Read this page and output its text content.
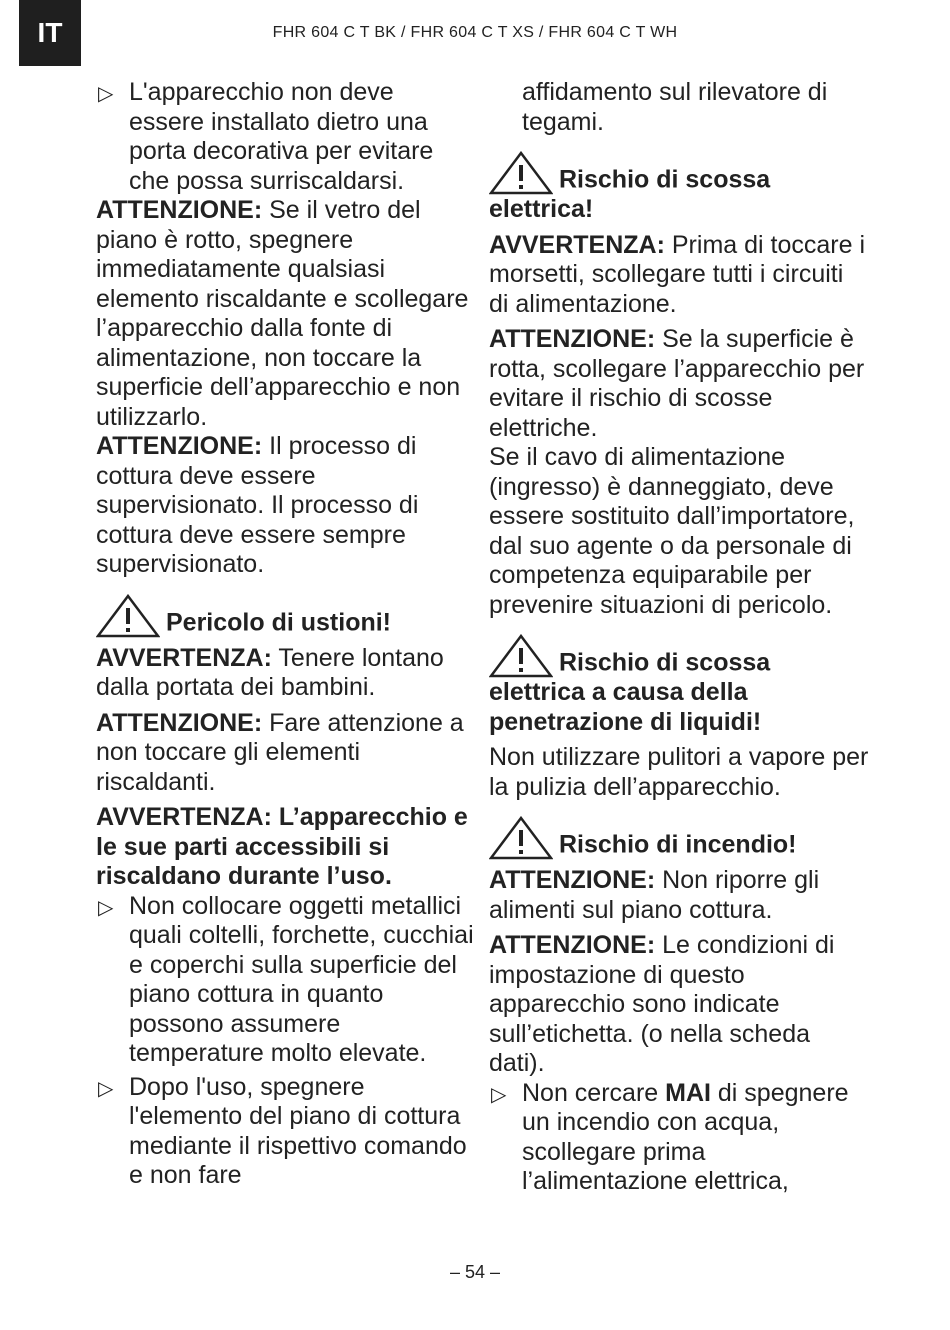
IT	FHR 604 C T BK / FHR 604 C T XS / FHR 604 C T WH

▷ L'apparecchio non deve essere installato dietro una porta decorativa per evitare che possa surriscaldarsi.

ATTENZIONE: Se il vetro del piano è rotto, spegnere immediatamente qualsiasi elemento riscaldante e scollegare l’apparecchio dalla fonte di alimentazione, non toccare la superficie dell’apparecchio e non utilizzarlo.

ATTENZIONE: Il processo di cottura deve essere supervisionato. Il processo di cottura deve essere sempre supervisionato.

Pericolo di ustioni!

AVVERTENZA: Tenere lontano dalla portata dei bambini.

ATTENZIONE: Fare attenzione a non toccare gli elementi riscaldanti.

AVVERTENZA: L’apparecchio e le sue parti accessibili si riscaldano durante l’uso.

▷ Non collocare oggetti metallici quali coltelli, forchette, cucchiai e coperchi sulla superficie del piano cottura in quanto possono assumere temperature molto elevate.

▷ Dopo l'uso, spegnere l'elemento del piano di cottura mediante il rispettivo comando e non fare

affidamento sul rilevatore di tegami.

Rischio di scossa elettrica!

AVVERTENZA: Prima di toccare i morsetti, scollegare tutti i circuiti di alimentazione.

ATTENZIONE: Se la superficie è rotta, scollegare l’apparecchio per evitare il rischio di scosse elettriche.

Se il cavo di alimentazione (ingresso) è danneggiato, deve essere sostituito dall’importatore, dal suo agente o da personale di competenza equiparabile per prevenire situazioni di pericolo.

Rischio di scossa elettrica a causa della penetrazione di liquidi!

Non utilizzare pulitori a vapore per la pulizia dell’apparecchio.

Rischio di incendio!

ATTENZIONE: Non riporre gli alimenti sul piano cottura.

ATTENZIONE: Le condizioni di impostazione di questo apparecchio sono indicate sull’etichetta. (o nella scheda dati).

▷ Non cercare MAI di spegnere un incendio con acqua, scollegare prima l’alimentazione elettrica,

– 54 –
